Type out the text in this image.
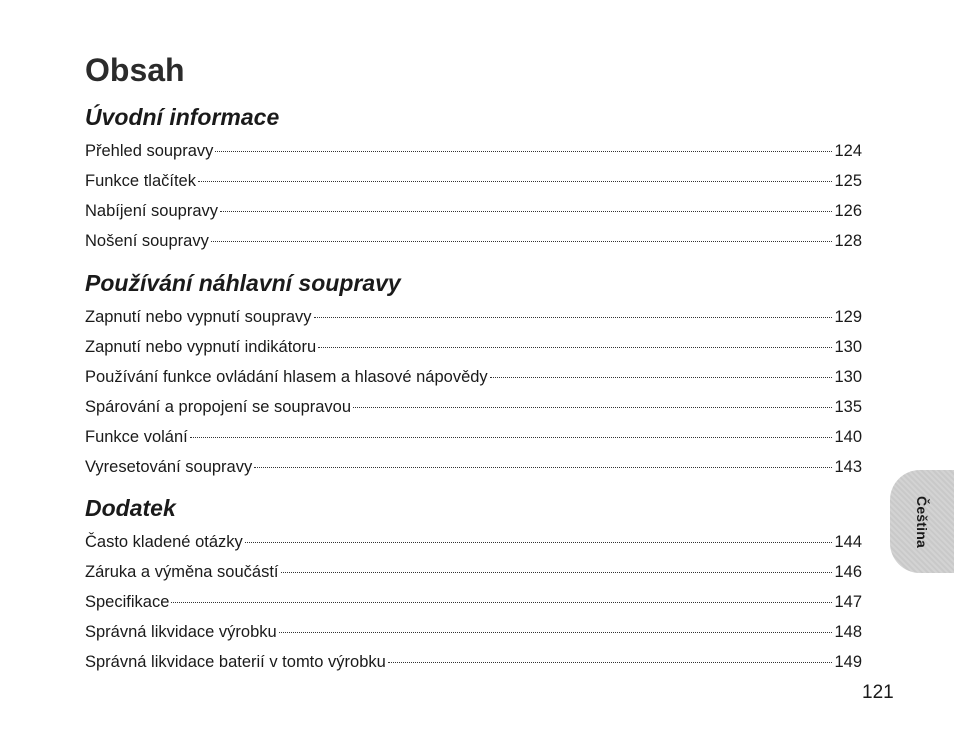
Obsah
Úvodní informace
Přehled soupravy	124
Funkce tlačítek	125
Nabíjení soupravy	126
Nošení soupravy	128
Používání náhlavní soupravy
Zapnutí nebo vypnutí soupravy	129
Zapnutí nebo vypnutí indikátoru	130
Používání funkce ovládání hlasem a hlasové nápovědy	130
Spárování a propojení se soupravou	135
Funkce volání	140
Vyresetování soupravy	143
Dodatek
Často kladené otázky	144
Záruka a výměna součástí	146
Specifikace	147
Správná likvidace výrobku	148
Správná likvidace baterií v tomto výrobku	149
Čeština
121
